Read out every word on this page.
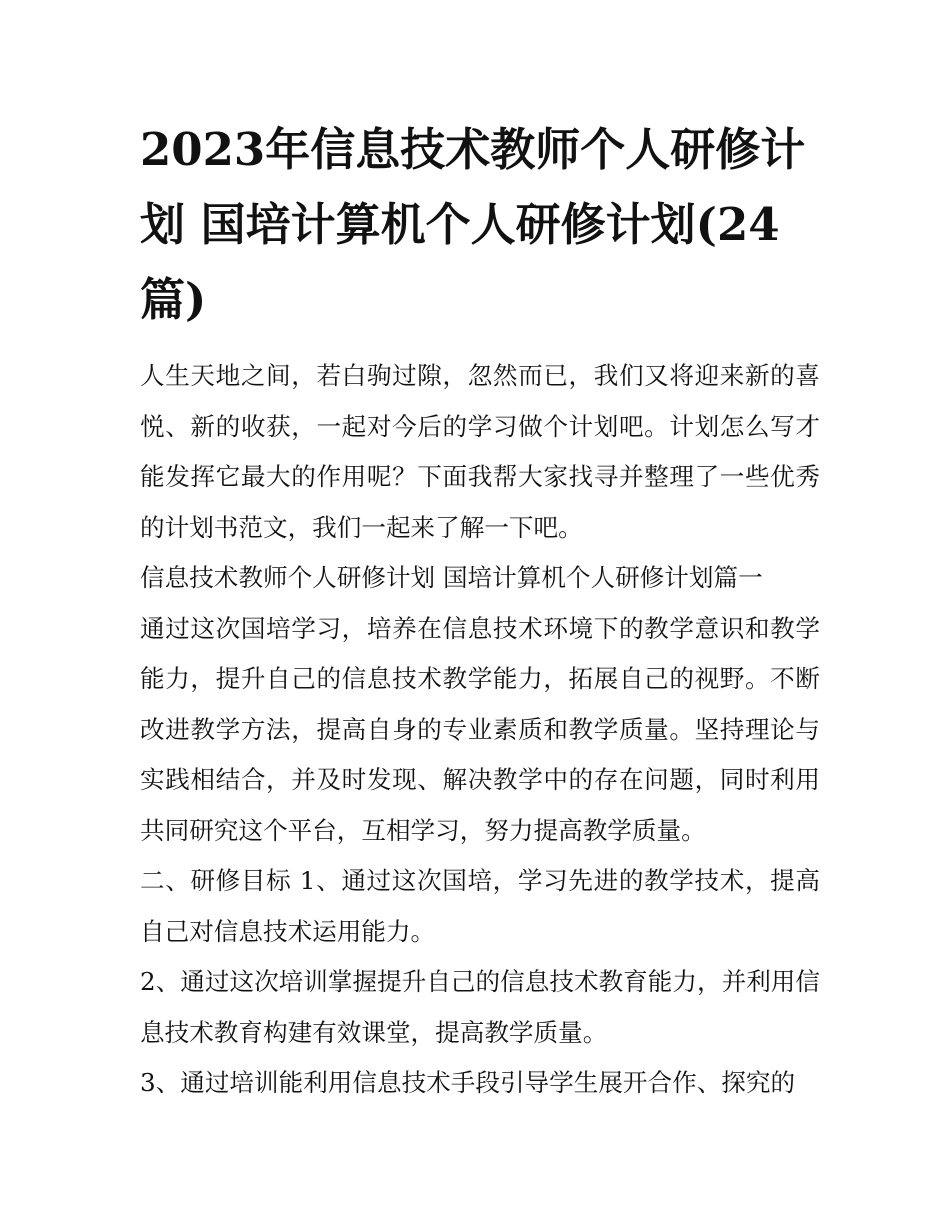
2023年信息技术教师个人研修计划 国培计算机个人研修计划(24篇)

人生天地之间，若白驹过隙，忽然而已，我们又将迎来新的喜悦、新的收获，一起对今后的学习做个计划吧。计划怎么写才能发挥它最大的作用呢？下面我帮大家找寻并整理了一些优秀的计划书范文，我们一起来了解一下吧。

信息技术教师个人研修计划 国培计算机个人研修计划篇一

通过这次国培学习，培养在信息技术环境下的教学意识和教学能力，提升自己的信息技术教学能力，拓展自己的视野。不断改进教学方法，提高自身的专业素质和教学质量。坚持理论与实践相结合，并及时发现、解决教学中的存在问题，同时利用共同研究这个平台，互相学习，努力提高教学质量。

二、研修目标 1、通过这次国培，学习先进的教学技术，提高自己对信息技术运用能力。

2、通过这次培训掌握提升自己的信息技术教育能力，并利用信息技术教育构建有效课堂，提高教学质量。

3、通过培训能利用信息技术手段引导学生展开合作、探究的
